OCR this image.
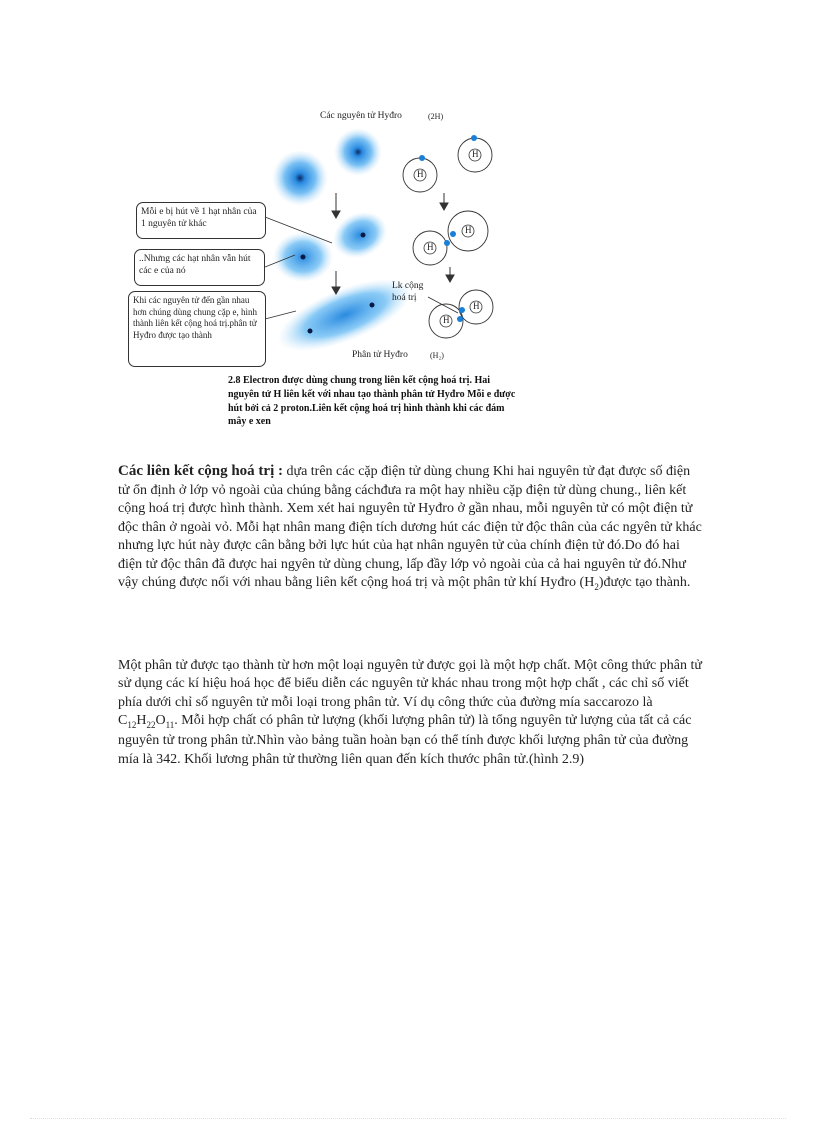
H
H
H
H
H
H
Các nguyên tử Hyđro	(2H)
Lk cộng hoá trị
Phân tử Hyđro	(H₂)
Mỗi e bị hút về 1 hạt nhân của 1 nguyên tử khác
..Nhưng các hạt nhân vẫn hút các e của nó
Khi các nguyên tử đến gần nhau hơn chúng dùng chung cặp e, hình thành liên kết cộng hoá trị.phân tử Hyđro được tạo thành
2.8 Electron được dùng chung trong liên kết cộng hoá trị. Hai nguyên tử H liên kết với nhau tạo thành phân tử Hyđro Mỗi e được hút bởi cả 2 proton.Liên kết cộng hoá trị hình thành khi các đám mây e xen
Các liên kết cộng hoá trị : dựa trên các cặp điện tử dùng chung Khi hai nguyên tử đạt được số điện tử ổn định ở lớp vỏ ngoài của chúng bằng cáchđưa ra một hay nhiều cặp điện tử dùng chung., liên kết cộng hoá trị được hình thành. Xem xét hai nguyên tử Hyđro ở gần nhau, mỗi nguyên tử có một điện tử độc thân ở ngoài vỏ. Mỗi hạt nhân mang điện tích dương hút các điện tử độc thân của các ngyên tử khác nhưng lực hút này được cân bằng bởi lực hút của hạt nhân nguyên tử của chính điện tử đó.Do đó hai điện tử độc thân đã được hai ngyên tử dùng chung, lấp đầy lớp vỏ ngoài của cả hai nguyên tử đó.Như vậy chúng được nối với nhau bằng liên kết cộng hoá trị và một phân tử khí Hyđro $(H_2)được$ tạo thành.
Một phân tử được tạo thành từ hơn một loại nguyên tử được gọi là một hợp chất. Một công thức phân tử sử dụng các kí hiệu hoá học để biểu diễn các nguyên tử khác nhau trong một hợp chất , các chỉ số viết phía dưới chỉ số nguyên tử mỗi loại trong phân tử. Ví dụ công thức của đường mía saccarozo là $C_{12}H_{22}O_{11}$. Mỗi hợp chất có phân tử lượng (khối lượng phân tử) là tổng nguyên tử lượng của tất cả các nguyên tử trong phân tử.Nhìn vào bảng tuần hoàn bạn có thể tính được khối lượng phân tử của đường mía là 342. Khối lương phân tử thường liên quan đến kích thước phân tử.(hình 2.9)
